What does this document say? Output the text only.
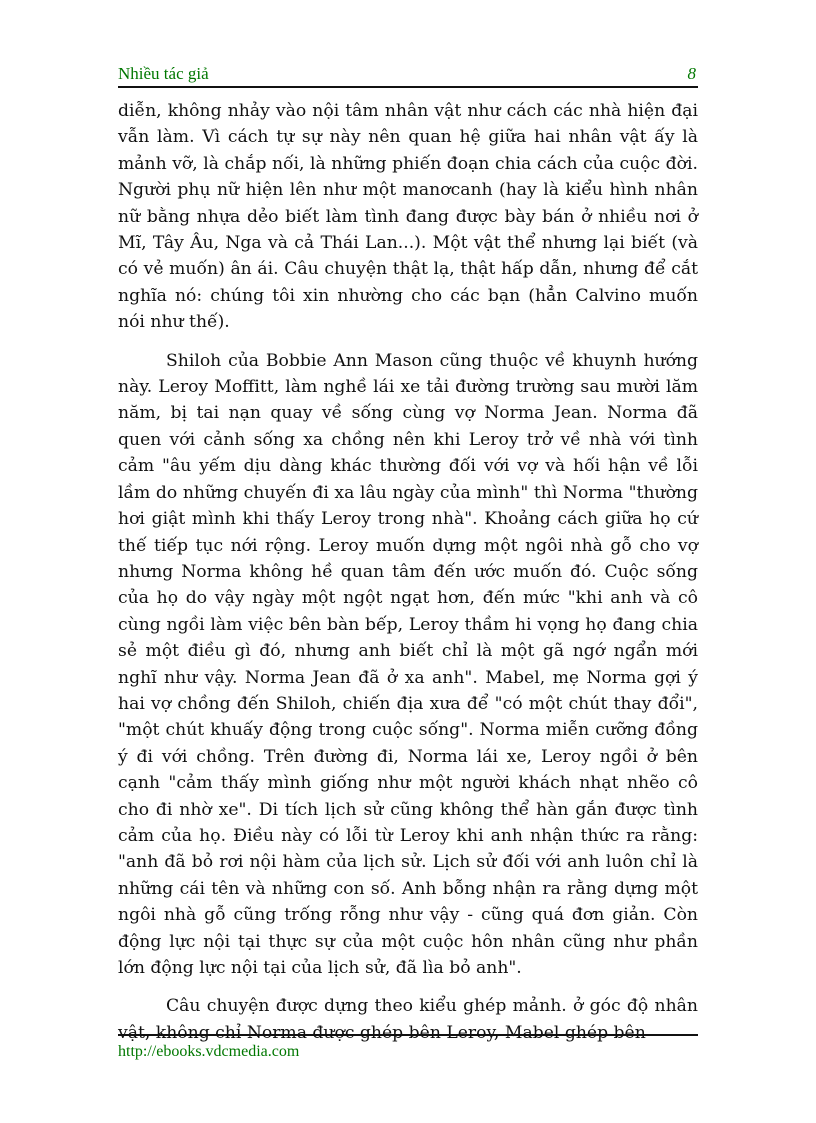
Nhiều tác giả	8

diễn, không nhảy vào nội tâm nhân vật như cách các nhà hiện đại vẫn làm. Vì cách tự sự này nên quan hệ giữa hai nhân vật ấy là mảnh vỡ, là chắp nối, là những phiến đoạn chia cách của cuộc đời. Người phụ nữ hiện lên như một manơcanh (hay là kiểu hình nhân nữ bằng nhựa dẻo biết làm tình đang được bày bán ở nhiều nơi ở Mĩ, Tây Âu, Nga và cả Thái Lan...). Một vật thể nhưng lại biết (và có vẻ muốn) ân ái. Câu chuyện thật lạ, thật hấp dẫn, nhưng để cắt nghĩa nó: chúng tôi xin nhường cho các bạn (hẳn Calvino muốn nói như thế).

Shiloh của Bobbie Ann Mason cũng thuộc về khuynh hướng này. Leroy Moffitt, làm nghề lái xe tải đường trường sau mười lăm năm, bị tai nạn quay về sống cùng vợ Norma Jean. Norma đã quen với cảnh sống xa chồng nên khi Leroy trở về nhà với tình cảm "âu yếm dịu dàng khác thường đối với vợ và hối hận về lỗi lầm do những chuyến đi xa lâu ngày của mình" thì Norma "thường hơi giật mình khi thấy Leroy trong nhà". Khoảng cách giữa họ cứ thế tiếp tục nới rộng. Leroy muốn dựng một ngôi nhà gỗ cho vợ nhưng Norma không hề quan tâm đến ước muốn đó. Cuộc sống của họ do vậy ngày một ngột ngạt hơn, đến mức "khi anh và cô cùng ngồi làm việc bên bàn bếp, Leroy thầm hi vọng họ đang chia sẻ một điều gì đó, nhưng anh biết chỉ là một gã ngớ ngẩn mới nghĩ như vậy. Norma Jean đã ở xa anh". Mabel, mẹ Norma gợi ý hai vợ chồng đến Shiloh, chiến địa xưa để "có một chút thay đổi", "một chút khuấy động trong cuộc sống". Norma miễn cưỡng đồng ý đi với chồng. Trên đường đi, Norma lái xe, Leroy ngồi ở bên cạnh "cảm thấy mình giống như một người khách nhạt nhẽo cô cho đi nhờ xe". Di tích lịch sử cũng không thể hàn gắn được tình cảm của họ. Điều này có lỗi từ Leroy khi anh nhận thức ra rằng: "anh đã bỏ rơi nội hàm của lịch sử. Lịch sử đối với anh luôn chỉ là những cái tên và những con số. Anh bỗng nhận ra rằng dựng một ngôi nhà gỗ cũng trống rỗng như vậy - cũng quá đơn giản. Còn động lực nội tại thực sự của một cuộc hôn nhân cũng như phần lớn động lực nội tại của lịch sử, đã lìa bỏ anh".

Câu chuyện được dựng theo kiểu ghép mảnh. ở góc độ nhân vật, không chỉ Norma được ghép bên Leroy, Mabel ghép bên

http://ebooks.vdcmedia.com
